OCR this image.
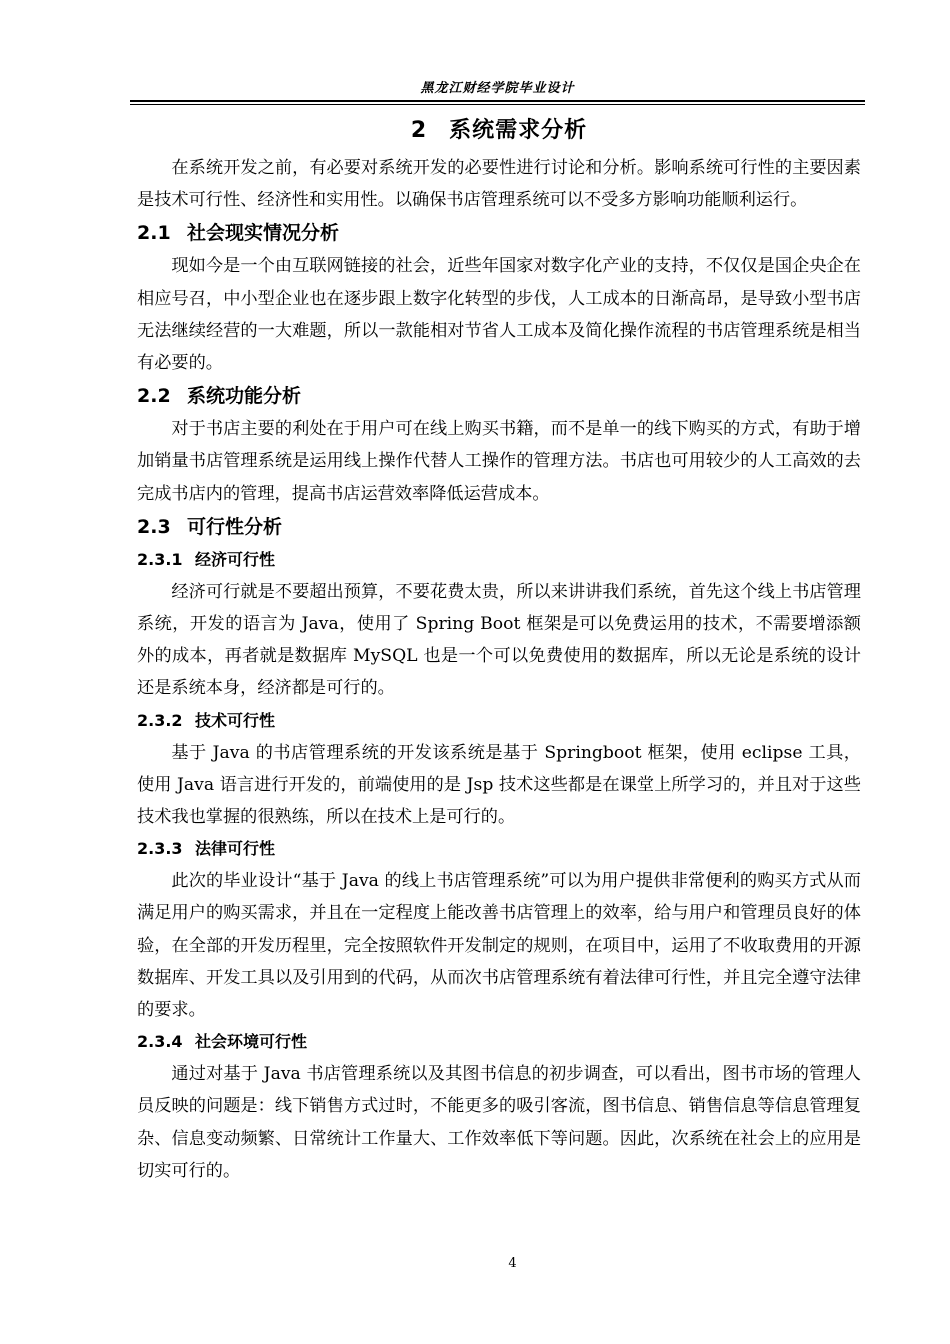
黑龙江财经学院毕业设计
2 系统需求分析

在系统开发之前，有必要对系统开发的必要性进行讨论和分析。影响系统可行性的主要因素是技术可行性、经济性和实用性。以确保书店管理系统可以不受多方影响功能顺利运行。

2.1 社会现实情况分析

现如今是一个由互联网链接的社会，近些年国家对数字化产业的支持，不仅仅是国企央企在相应号召，中小型企业也在逐步跟上数字化转型的步伐，人工成本的日渐高昂，是导致小型书店无法继续经营的一大难题，所以一款能相对节省人工成本及简化操作流程的书店管理系统是相当有必要的。

2.2 系统功能分析

对于书店主要的利处在于用户可在线上购买书籍，而不是单一的线下购买的方式，有助于增加销量书店管理系统是运用线上操作代替人工操作的管理方法。书店也可用较少的人工高效的去完成书店内的管理，提高书店运营效率降低运营成本。

2.3 可行性分析
2.3.1 经济可行性

经济可行就是不要超出预算，不要花费太贵，所以来讲讲我们系统，首先这个线上书店管理系统，开发的语言为 Java，使用了 Spring Boot 框架是可以免费运用的技术，不需要增添额外的成本，再者就是数据库 MySQL 也是一个可以免费使用的数据库，所以无论是系统的设计还是系统本身，经济都是可行的。

2.3.2 技术可行性

基于 Java 的书店管理系统的开发该系统是基于 Springboot 框架，使用 eclipse 工具，使用 Java 语言进行开发的，前端使用的是 Jsp 技术这些都是在课堂上所学习的，并且对于这些技术我也掌握的很熟练，所以在技术上是可行的。

2.3.3 法律可行性

此次的毕业设计“基于 Java 的线上书店管理系统”可以为用户提供非常便利的购买方式从而满足用户的购买需求，并且在一定程度上能改善书店管理上的效率，给与用户和管理员良好的体验，在全部的开发历程里，完全按照软件开发制定的规则，在项目中，运用了不收取费用的开源数据库、开发工具以及引用到的代码，从而次书店管理系统有着法律可行性，并且完全遵守法律的要求。

2.3.4 社会环境可行性

通过对基于 Java 书店管理系统以及其图书信息的初步调查，可以看出，图书市场的管理人员反映的问题是：线下销售方式过时，不能更多的吸引客流，图书信息、销售信息等信息管理复杂、信息变动频繁、日常统计工作量大、工作效率低下等问题。因此，次系统在社会上的应用是切实可行的。

4
